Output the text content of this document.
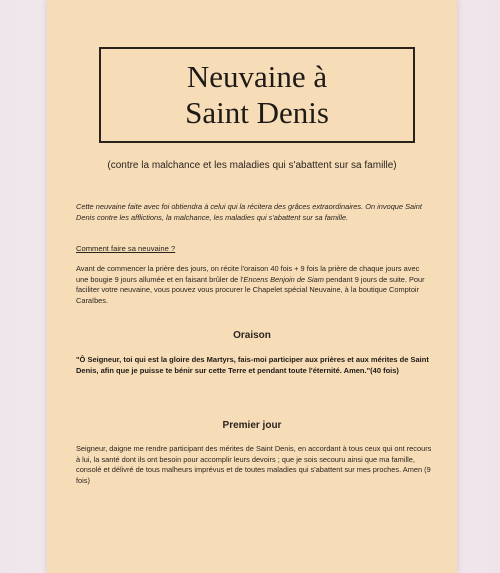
Neuvaine à
Saint Denis
(contre la malchance et les maladies qui s'abattent sur sa famille)
Cette neuvaine faite avec foi obtiendra à celui qui la récitera des grâces extraordinaires. On invoque Saint Denis contre les afflictions, la malchance, les maladies qui s'abattent sur sa famille.
Comment faire sa neuvaine ?
Avant de commencer la prière des jours, on récite l'oraison 40 fois + 9 fois la prière de chaque jours avec une bougie 9 jours allumée et en faisant brûler de l'Encens Benjoin de Siam pendant 9 jours de suite. Pour faciliter votre neuvaine, vous pouvez vous procurer le Chapelet spécial Neuvaine, à la boutique Comptoir Caraïbes.
Oraison
"Ô Seigneur, toi qui est la gloire des Martyrs, fais-moi participer aux prières et aux mérites de Saint Denis, afin que je puisse te bénir sur cette Terre et pendant toute l'éternité. Amen."(40 fois)
Premier jour
Seigneur, daigne me rendre participant des mérites de Saint Denis, en accordant à tous ceux qui ont recours à lui, la santé dont ils ont besoin pour accomplir leurs devoirs ; que je sois secouru ainsi que ma famille, consolé et délivré de tous malheurs imprévus et de toutes maladies qui s'abattent sur mes proches. Amen (9 fois)
